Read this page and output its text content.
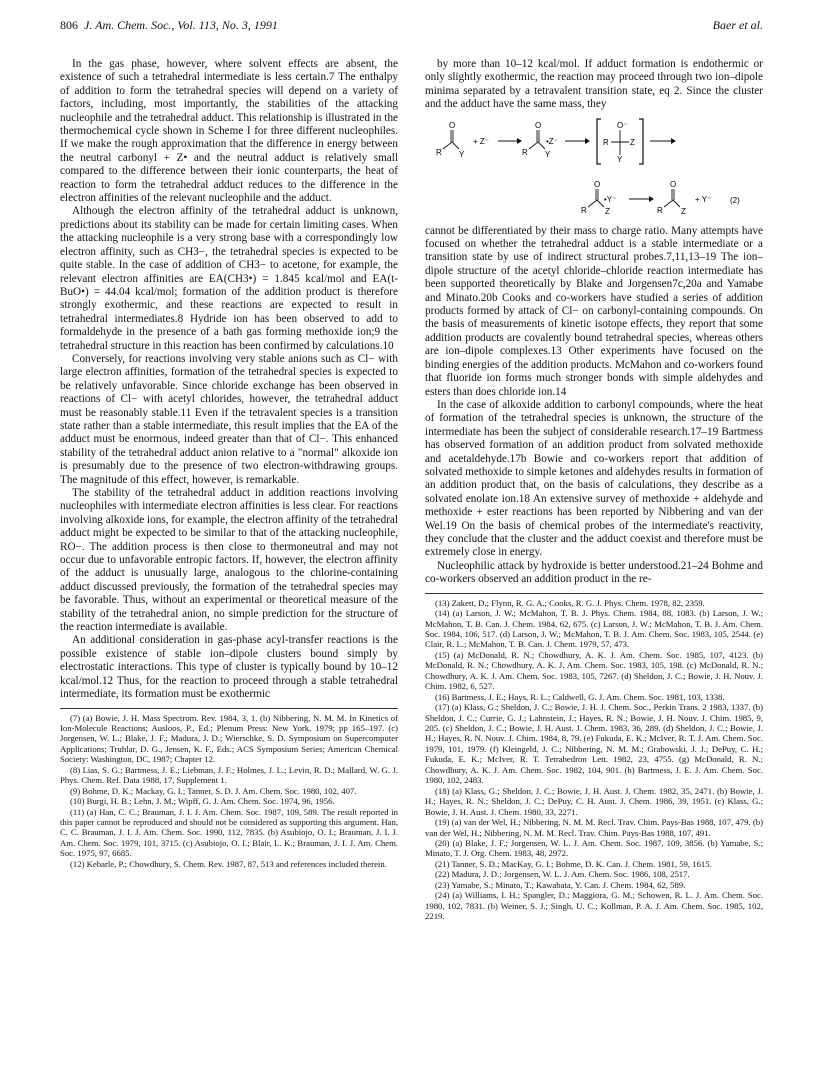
806 J. Am. Chem. Soc., Vol. 113, No. 3, 1991	Baer et al.

In the gas phase, however, where solvent effects are absent, the existence of such a tetrahedral intermediate is less certain.7 The enthalpy of addition to form the tetrahedral species will depend on a variety of factors, including, most importantly, the stabilities of the attacking nucleophile and the tetrahedral adduct. This relationship is illustrated in the thermochemical cycle shown in Scheme I for three different nucleophiles. If we make the rough approximation that the difference in energy between the neutral carbonyl + Z• and the neutral adduct is relatively small compared to the difference between their ionic counterparts, the heat of reaction to form the tetrahedral adduct reduces to the difference in the electron affinities of the relevant nucleophile and the adduct.

Although the electron affinity of the tetrahedral adduct is unknown, predictions about its stability can be made for certain limiting cases. When the attacking nucleophile is a very strong base with a correspondingly low electron affinity, such as CH3−, the tetrahedral species is expected to be quite stable. In the case of addition of CH3− to acetone, for example, the relevant electron affinities are EA(CH3•) = 1.845 kcal/mol and EA(t-BuO•) = 44.04 kcal/mol; formation of the addition product is therefore strongly exothermic, and these reactions are expected to result in tetrahedral intermediates.8 Hydride ion has been observed to add to formaldehyde in the presence of a bath gas forming methoxide ion;9 the tetrahedral structure in this reaction has been confirmed by calculations.10

Conversely, for reactions involving very stable anions such as Cl− with large electron affinities, formation of the tetrahedral species is expected to be relatively unfavorable. Since chloride exchange has been observed in reactions of Cl− with acetyl chlorides, however, the tetrahedral adduct must be reasonably stable.11 Even if the tetravalent species is a transition state rather than a stable intermediate, this result implies that the EA of the adduct must be enormous, indeed greater than that of Cl−. This enhanced stability of the tetrahedral adduct anion relative to a "normal" alkoxide ion is presumably due to the presence of two electron-withdrawing groups. The magnitude of this effect, however, is remarkable.

The stability of the tetrahedral adduct in addition reactions involving nucleophiles with intermediate electron affinities is less clear. For reactions involving alkoxide ions, for example, the electron affinity of the tetrahedral adduct might be expected to be similar to that of the attacking nucleophile, RO−. The addition process is then close to thermoneutral and may not occur due to unfavorable entropic factors. If, however, the electron affinity of the adduct is unusually large, analogous to the chlorine-containing adduct discussed previously, the formation of the tetrahedral species may be favorable. Thus, without an experimental or theoretical measure of the stability of the tetrahedral anion, no simple prediction for the structure of the reaction intermediate is available.

An additional consideration in gas-phase acyl-transfer reactions is the possible existence of stable ion–dipole clusters bound simply by electrostatic interactions. This type of cluster is typically bound by 10–12 kcal/mol.12 Thus, for the reaction to proceed through a stable tetrahedral intermediate, its formation must be exothermic

(7) (a) Bowie, J. H. Mass Spectrom. Rev. 1984, 3, 1. (b) Nibbering, N. M. M. In Kinetics of Ion-Molecule Reactions; Ausloos, P., Ed.; Plenum Press: New York, 1979; pp 165–197. (c) Jorgensen, W. L.; Blake, J. F.; Madura, J. D.; Wierschke, S. D. Symposium on Supercomputer Applications; Truhlar, D. G., Jensen, K. F., Eds.; ACS Symposium Series; American Chemical Society: Washington, DC, 1987; Chapter 12.

(8) Lias, S. G.; Bartmess, J. E.; Liebman, J. F.; Holmes, J. L.; Levin, R. D.; Mallard, W. G. J. Phys. Chem. Ref. Data 1988, 17, Supplement 1.

(9) Bohme, D. K.; Mackay, G. I.; Tanner, S. D. J. Am. Chem. Soc. 1980, 102, 407.

(10) Burgi, H. B.; Lehn, J. M.; Wipff, G. J. Am. Chem. Soc. 1974, 96, 1956.

(11) (a) Han, C. C.; Brauman, J. I. J. Am. Chem. Soc. 1987, 109, 589. The result reported in this paper cannot be reproduced and should not be considered as supporting this argument. Han, C. C. Brauman, J. I. J. Am. Chem. Soc. 1990, 112, 7835. (b) Asubiojo, O. I.; Brauman, J. I. J. Am. Chem. Soc. 1979, 101, 3715. (c) Asubiojo, O. I.; Blair, L. K.; Brauman, J. I. J. Am. Chem. Soc. 1975, 97, 6685.

(12) Kebarle, P.; Chowdhury, S. Chem. Rev. 1987, 87, 513 and references included therein.

by more than 10–12 kcal/mol. If adduct formation is endothermic or only slightly exothermic, the reaction may proceed through two ion–dipole minima separated by a tetravalent transition state, eq 2. Since the cluster and the adduct have the same mass, they

O
R Y
+ Z⁻
O
R Y
•Z⁻
O⁻
R	Z
Y
O
R Z
•Y⁻
O
R Z
+ Y⁻ (2)

cannot be differentiated by their mass to charge ratio. Many attempts have focused on whether the tetrahedral adduct is a stable intermediate or a transition state by use of indirect structural probes.7,11,13–19 The ion–dipole structure of the acetyl chloride–chloride reaction intermediate has been supported theoretically by Blake and Jorgensen7c,20a and Yamabe and Minato.20b Cooks and co-workers have studied a series of addition products formed by attack of Cl− on carbonyl-containing compounds. On the basis of measurements of kinetic isotope effects, they report that some addition products are covalently bound tetrahedral species, whereas others are ion–dipole complexes.13 Other experiments have focused on the binding energies of the addition products. McMahon and co-workers found that fluoride ion forms much stronger bonds with simple aldehydes and esters than does chloride ion.14

In the case of alkoxide addition to carbonyl compounds, where the heat of formation of the tetrahedral species is unknown, the structure of the intermediate has been the subject of considerable research.17–19 Bartmess has observed formation of an addition product from solvated methoxide and acetaldehyde.17b Bowie and co-workers report that addition of solvated methoxide to simple ketones and aldehydes results in formation of an addition product that, on the basis of calculations, they describe as a solvated enolate ion.18 An extensive survey of methoxide + aldehyde and methoxide + ester reactions has been reported by Nibbering and van der Wel.19 On the basis of chemical probes of the intermediate's reactivity, they conclude that the cluster and the adduct coexist and therefore must be extremely close in energy.

Nucleophilic attack by hydroxide is better understood.21–24 Bohme and co-workers observed an addition product in the re-

(13) Zakett, D.; Flynn, R. G. A.; Cooks, R. G. J. Phys. Chem. 1978, 82, 2359.

(14) (a) Larson, J. W.; McMahon, T. B. J. Phys. Chem. 1984, 88, 1083. (b) Larson, J. W.; McMahon, T. B. Can. J. Chem. 1984, 62, 675. (c) Larson, J. W.; McMahon, T. B. J. Am. Chem. Soc. 1984, 106, 517. (d) Larson, J. W.; McMahon, T. B. J. Am. Chem. Soc. 1983, 105, 2544. (e) Clair, R. L.; McMahon, T. B. Can. J. Chem. 1979, 57, 473.

(15) (a) McDonald, R. N.; Chowdhury, A. K. J. Am. Chem. Soc. 1985, 107, 4123. (b) McDonald, R. N.; Chowdhury, A. K. J. Am. Chem. Soc. 1983, 105, 198. (c) McDonald, R. N.; Chowdhury, A. K. J. Am. Chem. Soc. 1983, 105, 7267. (d) Sheldon, J. C.; Bowie, J. H. Nouv. J. Chim. 1982, 6, 527.

(16) Bartmess, J. E.; Hays, R. L.; Caldwell, G. J. Am. Chem. Soc. 1981, 103, 1338.

(17) (a) Klass, G.; Sheldon, J. C.; Bowie, J. H. J. Chem. Soc., Perkin Trans. 2 1983, 1337. (b) Sheldon, J. C.; Currie, G. J.; Lahnstein, J.; Hayes, R. N.; Bowie, J. H. Nouv. J. Chim. 1985, 9, 205. (c) Sheldon, J. C.; Bowie, J. H. Aust. J. Chem. 1983, 36, 289. (d) Sheldon, J. C.; Bowie, J. H.; Hayes, R. N. Nouv. J. Chim. 1984, 8, 79. (e) Fukuda, E. K.; McIver, R. T. J. Am. Chem. Soc. 1979, 101, 1979. (f) Kleingeld, J. C.; Nibbering, N. M. M.; Grabowski, J. J.; DePuy, C. H.; Fukuda, E. K.; McIver, R. T. Tetrahedron Lett. 1982, 23, 4755. (g) McDonald, R. N.; Chowdhury, A. K. J. Am. Chem. Soc. 1982, 104, 901. (h) Bartmess, J. E. J. Am. Chem. Soc. 1980, 102, 2483.

(18) (a) Klass, G.; Sheldon, J. C.; Bowie, J. H. Aust. J. Chem. 1982, 35, 2471. (b) Bowie, J. H.; Hayes, R. N.; Sheldon, J. C.; DePuy, C. H. Aust. J. Chem. 1986, 39, 1951. (c) Klass, G.; Bowie, J. H. Aust. J. Chem. 1980, 33, 2271.

(19) (a) van der Wel, H.; Nibbering, N. M. M. Recl. Trav. Chim. Pays-Bas 1988, 107, 479. (b) van der Wel, H.; Nibbering, N. M. M. Recl. Trav. Chim. Pays-Bas 1988, 107, 491.

(20) (a) Blake, J. F.; Jorgensen, W. L. J. Am. Chem. Soc. 1987, 109, 3856. (b) Yamabe, S.; Minato, T. J. Org. Chem. 1983, 48, 2972.

(21) Tanner, S. D.; MacKay, G. I.; Bohme, D. K. Can. J. Chem. 1981, 59, 1615.

(22) Madura, J. D.; Jorgensen, W. L. J. Am. Chem. Soc. 1986, 108, 2517.

(23) Yamabe, S.; Minato, T.; Kawabata, Y. Can. J. Chem. 1984, 62, 589.

(24) (a) Williams, I. H.; Spangler, D.; Maggiora, G. M.; Schowen, R. L. J. Am. Chem. Soc. 1980, 102, 7831. (b) Weiner, S. J.; Singh, U. C.; Kollman, P. A. J. Am. Chem. Soc. 1985, 102, 2219.
